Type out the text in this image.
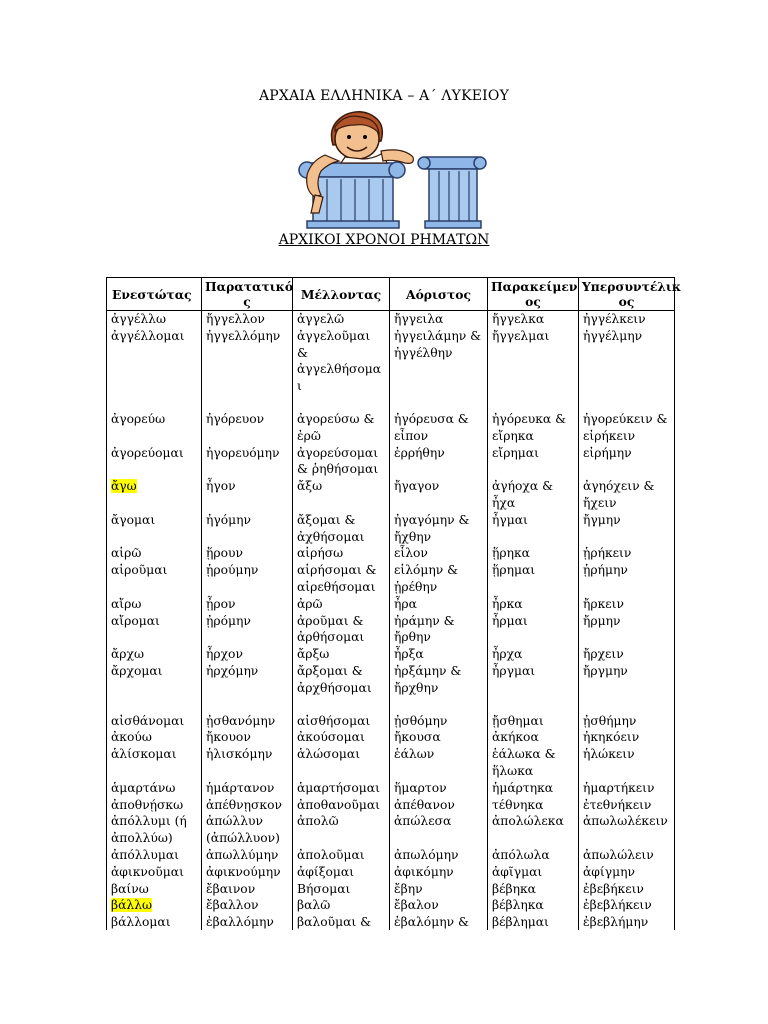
ΑΡΧΑΙΑ ΕΛΛΗΝΙΚΑ – Α΄ ΛΥΚΕΙΟΥ
ΑΡΧΙΚΟΙ ΧΡΟΝΟΙ ΡΗΜΑΤΩΝ
Ενεστώτας	Παρατατικό ς	Μέλλοντας	Αόριστος	Παρακείμεν ος	Υπερσυντέλικ ος
ἀγγέλλω	ἤγγελλον	ἀγγελῶ	ἤγγειλα	ἤγγελκα	ἠγγέλκειν
ἀγγέλλομαι	ἠγγελλόμην	ἀγγελοῦμαι & ἀγγελθήσομαι	ἠγγειλάμην & ἠγγέλθην	ἤγγελμαι	ἠγγέλμην
ἀγορεύω	ἠγόρευον	ἀγορεύσω & ἐρῶ	ἠγόρευσα & εἶπον	ἠγόρευκα & εἴρηκα	ἠγορεύκειν & εἰρήκειν
ἀγορεύομαι	ἠγορευόμην	ἀγορεύσομαι & ῥηθήσομαι	ἐρρήθην	εἴρημαι	εἰρήμην
ἄγω	ἦγον	ἄξω	ἤγαγον	ἀγήοχα & ἦχα	ἀγηόχειν & ἤχειν
ἄγομαι	ἠγόμην	ἄξομαι & ἀχθήσομαι	ἠγαγόμην & ἤχθην	ἦγμαι	ἤγμην
αἱρῶ	ᾕρουν	αἱρήσω	εἷλον	ᾕρηκα	ᾑρήκειν
αἱροῦμαι	ᾑρούμην	αἱρήσομαι & αἱρεθήσομαι	εἱλόμην & ᾑρέθην	ᾕρημαι	ᾑρήμην
αἴρω	ᾖρον	ἀρῶ	ἦρα	ἦρκα	ἤρκειν
αἴρομαι	ᾐρόμην	ἀροῦμαι & ἀρθήσομαι	ἠράμην & ἤρθην	ἦρμαι	ἤρμην
ἄρχω	ἦρχον	ἄρξω	ἦρξα	ἦρχα	ἤρχειν
ἄρχομαι	ἠρχόμην	ἄρξομαι & ἀρχθήσομαι	ἠρξάμην & ἤρχθην	ἦργμαι	ἤργμην
αἰσθάνομαι	ᾐσθανόμην	αἰσθήσομαι	ᾐσθόμην	ᾔσθημαι	ᾐσθήμην
ἀκούω	ἤκουον	ἀκούσομαι	ἤκουσα	ἀκήκοα	ἠκηκόειν
ἁλίσκομαι	ἡλισκόμην	ἁλώσομαι	ἑάλων	ἑάλωκα & ἥλωκα	ἡλώκειν
ἁμαρτάνω	ἡμάρτανον	ἁμαρτήσομαι	ἥμαρτον	ἡμάρτηκα	ἡμαρτήκειν
ἀποθνῄσκω	ἀπέθνῃσκον	ἀποθανοῦμαι	ἀπέθανον	τέθνηκα	ἐτεθνήκειν
ἀπόλλυμι (ή ἀπολλύω)	ἀπώλλυν (ἀπώλλυον)	ἀπολῶ	ἀπώλεσα	ἀπολώλεκα	ἀπωλωλέκειν
ἀπόλλυμαι	ἀπωλλύμην	ἀπολοῦμαι	ἀπωλόμην	ἀπόλωλα	ἀπωλώλειν
ἀφικνοῦμαι	ἀφικνούμην	ἀφίξομαι	ἀφικόμην	ἀφῖγμαι	ἀφίγμην
βαίνω	ἔβαινον	Βήσομαι	ἔβην	βέβηκα	ἐβεβήκειν
βάλλω	ἔβαλλον	βαλῶ	ἔβαλον	βέβληκα	ἐβεβλήκειν
βάλλομαι	ἐβαλλόμην	βαλοῦμαι &	ἐβαλόμην &	βέβλημαι	ἐβεβλήμην
